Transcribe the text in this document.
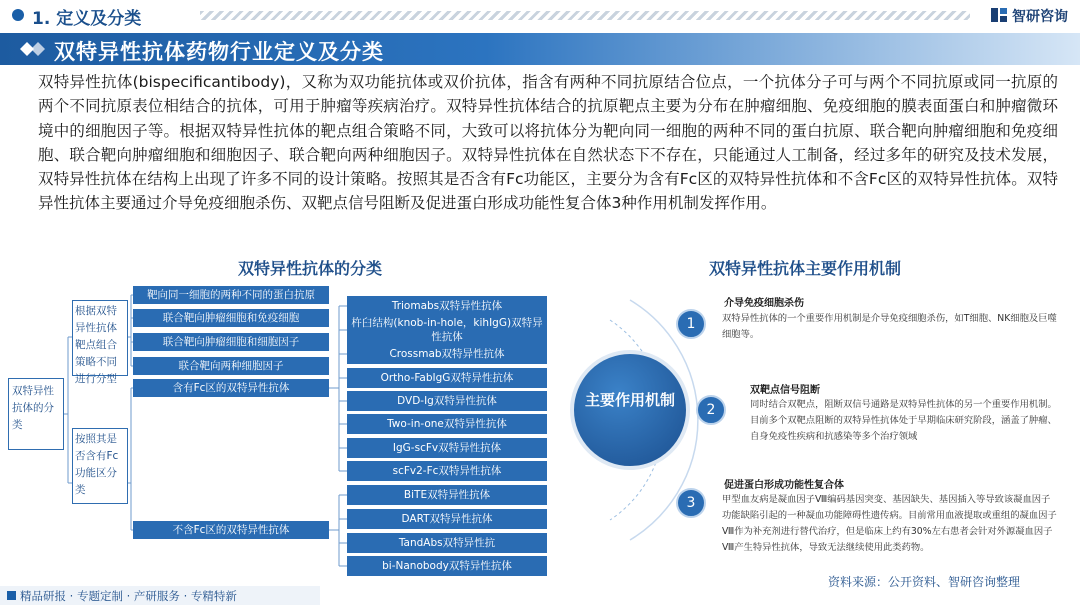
1. 定义及分类	智研咨询
双特异性抗体药物行业定义及分类
双特异性抗体(bispecificantibody)，又称为双功能抗体或双价抗体，指含有两种不同抗原结合位点，一个抗体分子可与两个不同抗原或同一抗原的两个不同抗原表位相结合的抗体，可用于肿瘤等疾病治疗。双特异性抗体结合的抗原靶点主要为分布在肿瘤细胞、免疫细胞的膜表面蛋白和肿瘤微环境中的细胞因子等。根据双特异性抗体的靶点组合策略不同，大致可以将抗体分为靶向同一细胞的两种不同的蛋白抗原、联合靶向肿瘤细胞和免疫细胞、联合靶向肿瘤细胞和细胞因子、联合靶向两种细胞因子。双特异性抗体在自然状态下不存在，只能通过人工制备，经过多年的研究及技术发展，双特异性抗体在结构上出现了许多不同的设计策略。按照其是否含有Fc功能区，主要分为含有Fc区的双特异性抗体和不含Fc区的双特异性抗体。双特异性抗体主要通过介导免疫细胞杀伤、双靶点信号阻断及促进蛋白形成功能性复合体3种作用机制发挥作用。
双特异性抗体的分类	双特异性抗体主要作用机制
双特异性抗体的分类
根据双特异性抗体靶点组合策略不同进行分型
按照其是否含有Fc功能区分类
靶向同一细胞的两种不同的蛋白抗原
联合靶向肿瘤细胞和免疫细胞
联合靶向肿瘤细胞和细胞因子
联合靶向两种细胞因子
含有Fc区的双特异性抗体
不含Fc区的双特异性抗体
Triomabs双特异性抗体
杵臼结构(knob-in-hole，kihIgG)双特异性抗体
Crossmab双特异性抗体
Ortho-FabIgG双特异性抗体
DVD-Ig双特异性抗体
Two-in-one双特异性抗体
IgG-scFv双特异性抗体
scFv2-Fc双特异性抗体
BiTE双特异性抗体
DART双特异性抗体
TandAbs双特异性抗
bi-Nanobody双特异性抗体
主要作用机制
1
2
3
介导免疫细胞杀伤
双特异性抗体的一个重要作用机制是介导免疫细胞杀伤，如T细胞、NK细胞及巨噬细胞等。
双靶点信号阻断
同时结合双靶点，阻断双信号通路是双特异性抗体的另一个重要作用机制。目前多个双靶点阻断的双特异性抗体处于早期临床研究阶段，涵盖了肿瘤、自身免疫性疾病和抗感染等多个治疗领域
促进蛋白形成功能性复合体
甲型血友病是凝血因子Ⅷ编码基因突变、基因缺失、基因插入等导致该凝血因子功能缺陷引起的一种凝血功能障碍性遗传病。目前常用血液提取或重组的凝血因子Ⅷ作为补充剂进行替代治疗，但是临床上约有30%左右患者会针对外源凝血因子Ⅷ产生特异性抗体，导致无法继续使用此类药物。
资料来源：公开资料、智研咨询整理
精品研报 · 专题定制 · 产研服务 · 专精特新
